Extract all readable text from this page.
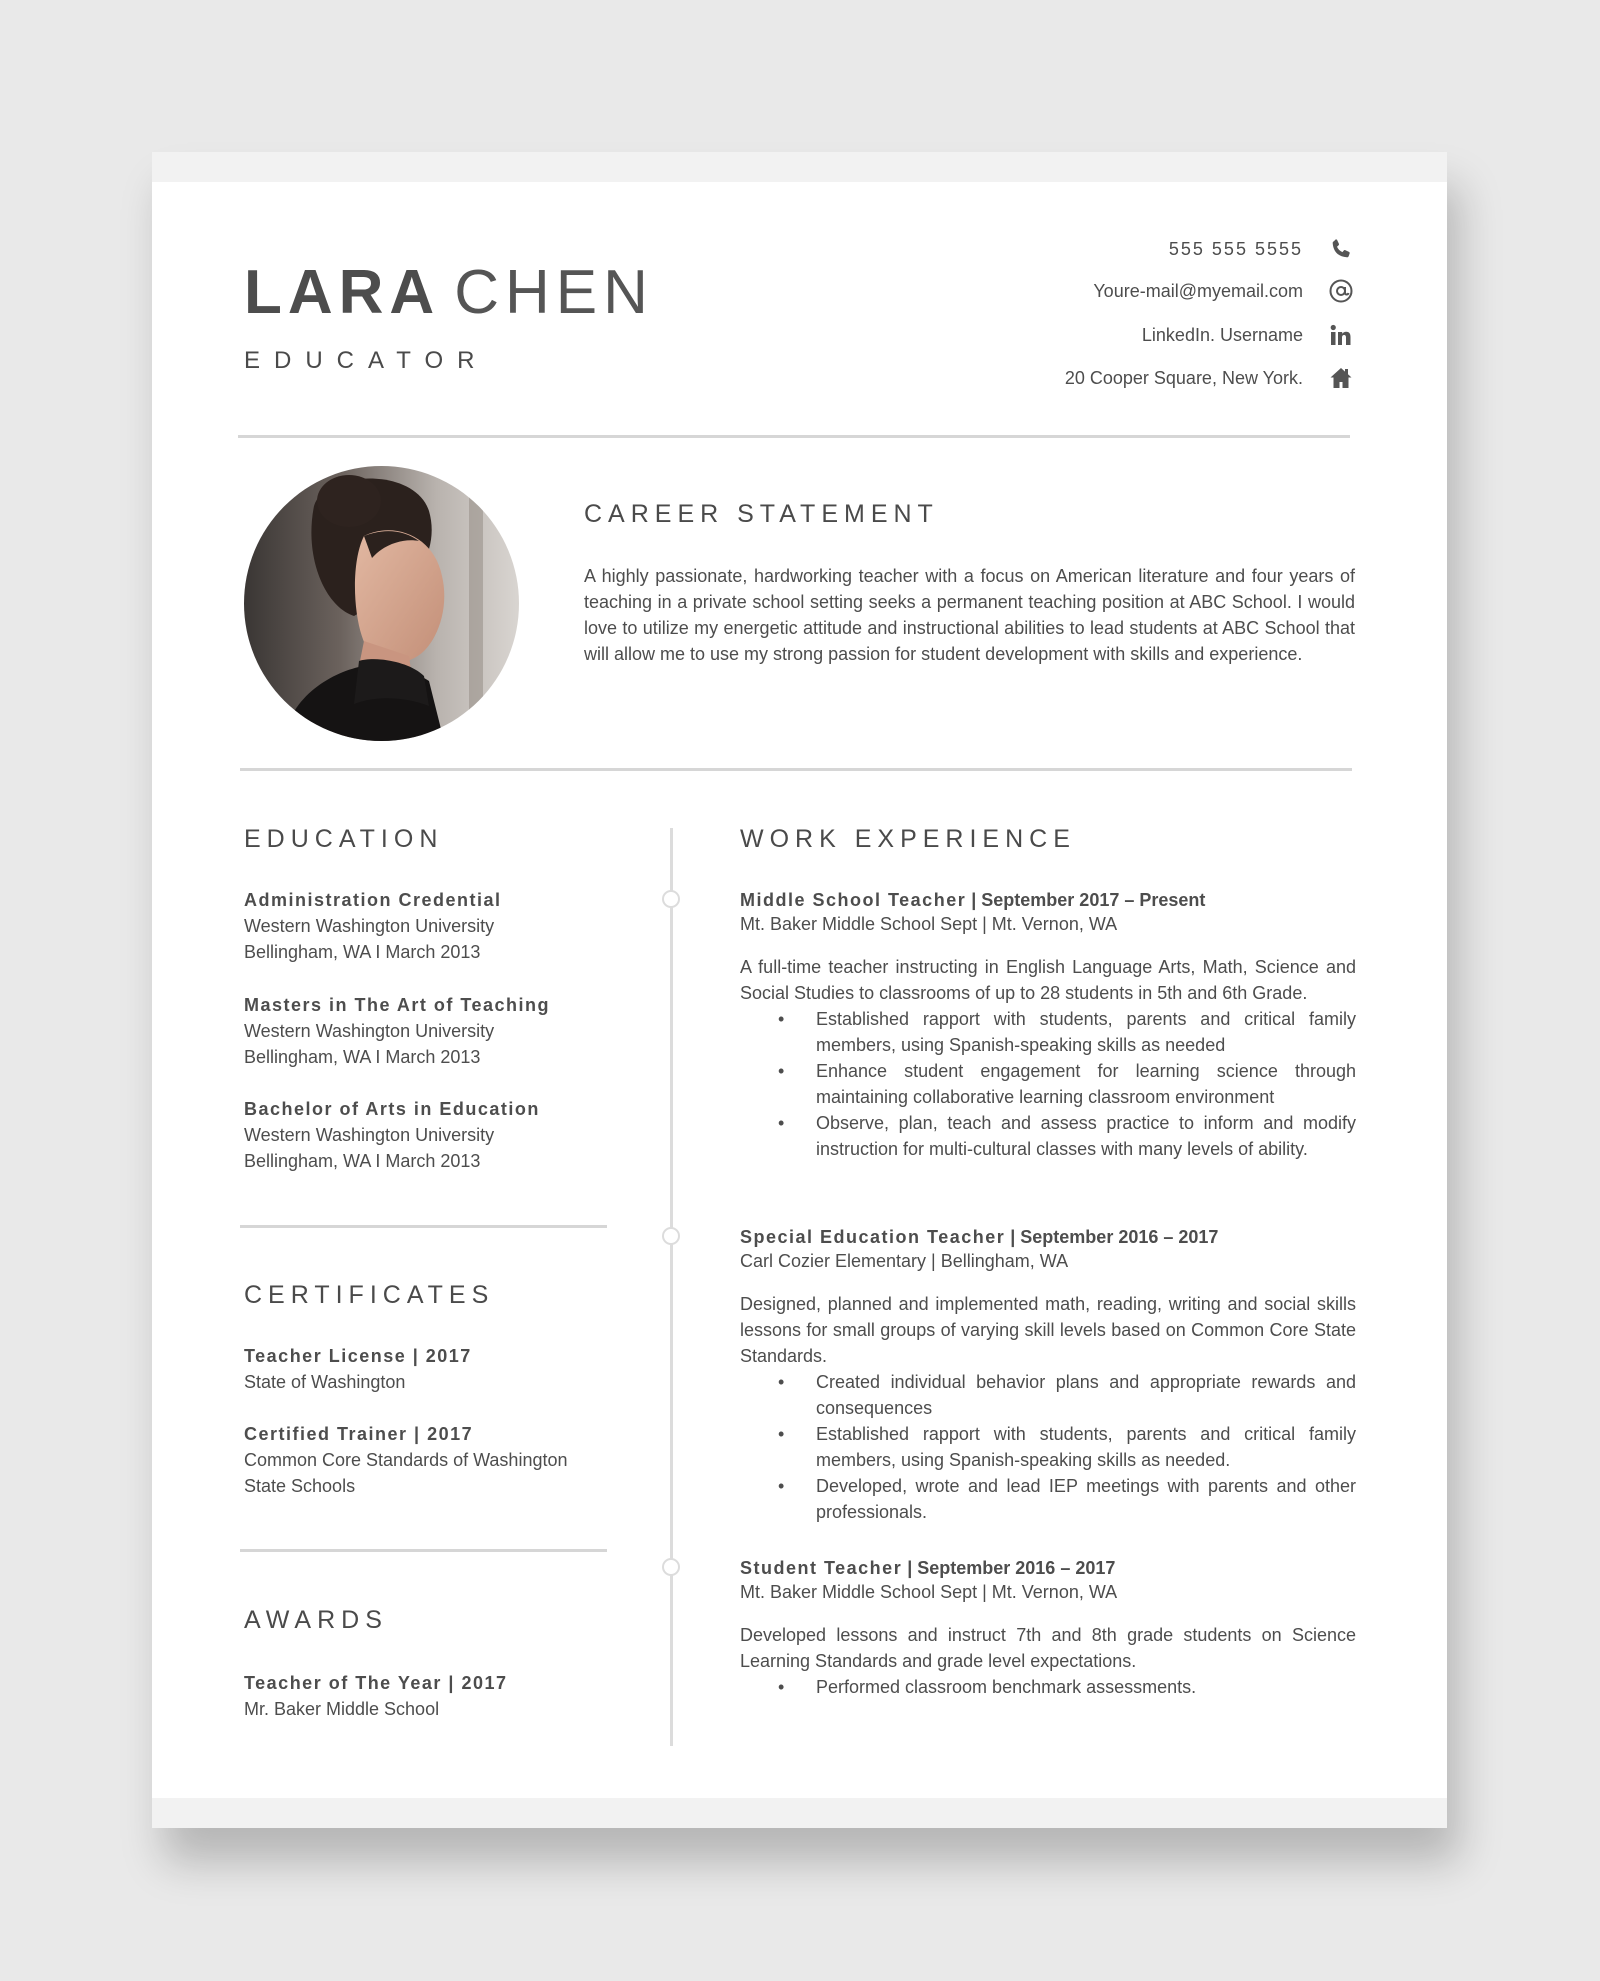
LARA CHEN
EDUCATOR
555 555 5555
Youre-mail@myemail.com
LinkedIn. Username
20 Cooper Square, New York.
CAREER STATEMENT
A highly passionate, hardworking teacher with a focus on American literature and four years of teaching in a private school setting seeks a permanent teaching position at ABC School. I would love to utilize my energetic attitude and instructional abilities to lead students at ABC School that will allow me to use my strong passion for student development with skills and experience.
EDUCATION
Administration Credential
Western Washington University
Bellingham, WA I March 2013
Masters in The Art of Teaching
Western Washington University
Bellingham, WA I March 2013
Bachelor of Arts in Education
Western Washington University
Bellingham, WA I March 2013
CERTIFICATES
Teacher License | 2017
State of Washington
Certified Trainer | 2017
Common Core Standards of Washington State Schools
AWARDS
Teacher of The Year | 2017
Mr. Baker Middle School
WORK EXPERIENCE
Middle School Teacher | September 2017 – Present
Mt. Baker Middle School Sept | Mt. Vernon, WA
A full-time teacher instructing in English Language Arts, Math, Science and Social Studies to classrooms of up to 28 students in 5th and 6th Grade.
• Established rapport with students, parents and critical family members, using Spanish-speaking skills as needed
• Enhance student engagement for learning science through maintaining collaborative learning classroom environment
• Observe, plan, teach and assess practice to inform and modify instruction for multi-cultural classes with many levels of ability.
Special Education Teacher | September 2016 – 2017
Carl Cozier Elementary | Bellingham, WA
Designed, planned and implemented math, reading, writing and social skills lessons for small groups of varying skill levels based on Common Core State Standards.
• Created individual behavior plans and appropriate rewards and consequences
• Established rapport with students, parents and critical family members, using Spanish-speaking skills as needed.
• Developed, wrote and lead IEP meetings with parents and other professionals.
Student Teacher | September 2016 – 2017
Mt. Baker Middle School Sept | Mt. Vernon, WA
Developed lessons and instruct 7th and 8th grade students on Science Learning Standards and grade level expectations.
• Performed classroom benchmark assessments.
